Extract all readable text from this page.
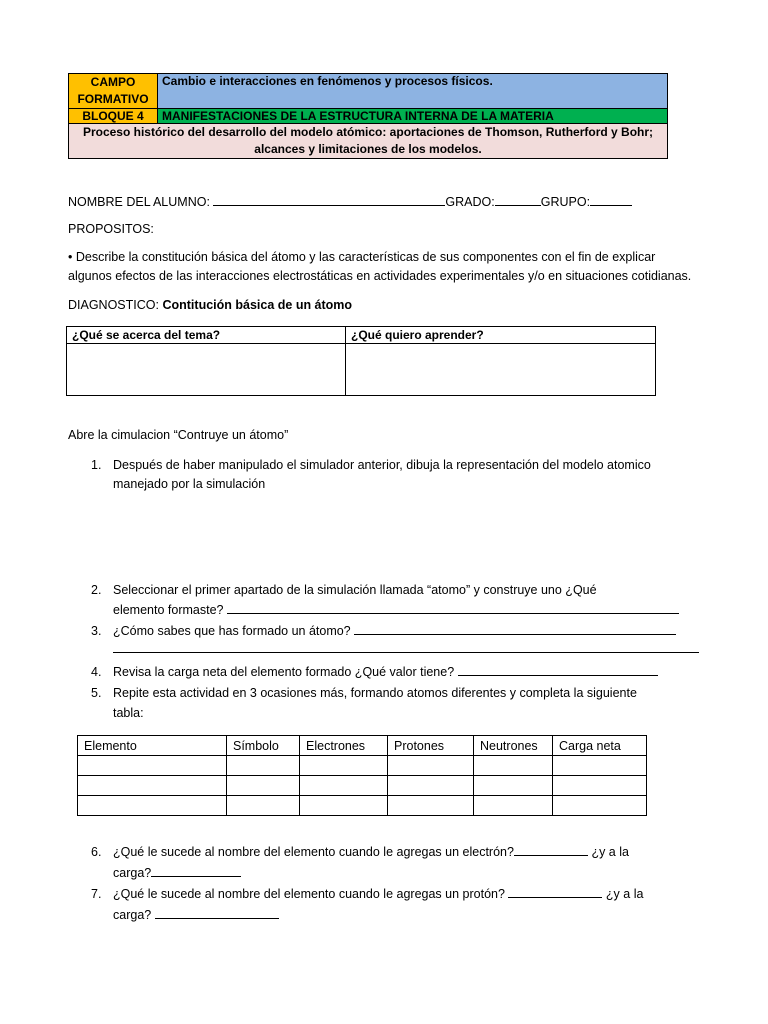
CAMPO FORMATIVO	Cambio e interacciones en fenómenos y procesos físicos.
BLOQUE 4	MANIFESTACIONES DE LA ESTRUCTURA INTERNA DE LA MATERIA

Proceso histórico del desarrollo del modelo atómico: aportaciones de Thomson, Rutherford y Bohr;
alcances y limitaciones de los modelos.	
NOMBRE DEL ALUMNO:	GRADO:	GRUPO:
PROPOSITOS:
• Describe la constitución básica del átomo y las características de sus componentes con el fin de explicar
algunos efectos de las interacciones electrostáticas en actividades experimentales y/o en situaciones cotidianas.
DIAGNOSTICO: Contitución básica de un átomo
¿Qué se acerca del tema?	¿Qué quiero aprender?

Abre la cimulacion “Contruye un átomo”
1. Después de haber manipulado el simulador anterior, dibuja la representación del modelo atomico
manejado por la simulación
2. Seleccionar el primer apartado de la simulación llamada “atomo” y construye uno ¿Qué
elemento formaste?
3. ¿Cómo sabes que has formado un átomo?
4. Revisa la carga neta del elemento formado ¿Qué valor tiene?
5. Repite esta actividad en 3 ocasiones más, formando atomos diferentes y completa la siguiente
tabla:
Elemento	Símbolo	Electrones	Protones	Neutrones	Carga neta

6. ¿Qué le sucede al nombre del elemento cuando le agregas un electrón?	¿y a la
carga?
7. ¿Qué le sucede al nombre del elemento cuando le agregas un protón?	¿y a la
carga?
